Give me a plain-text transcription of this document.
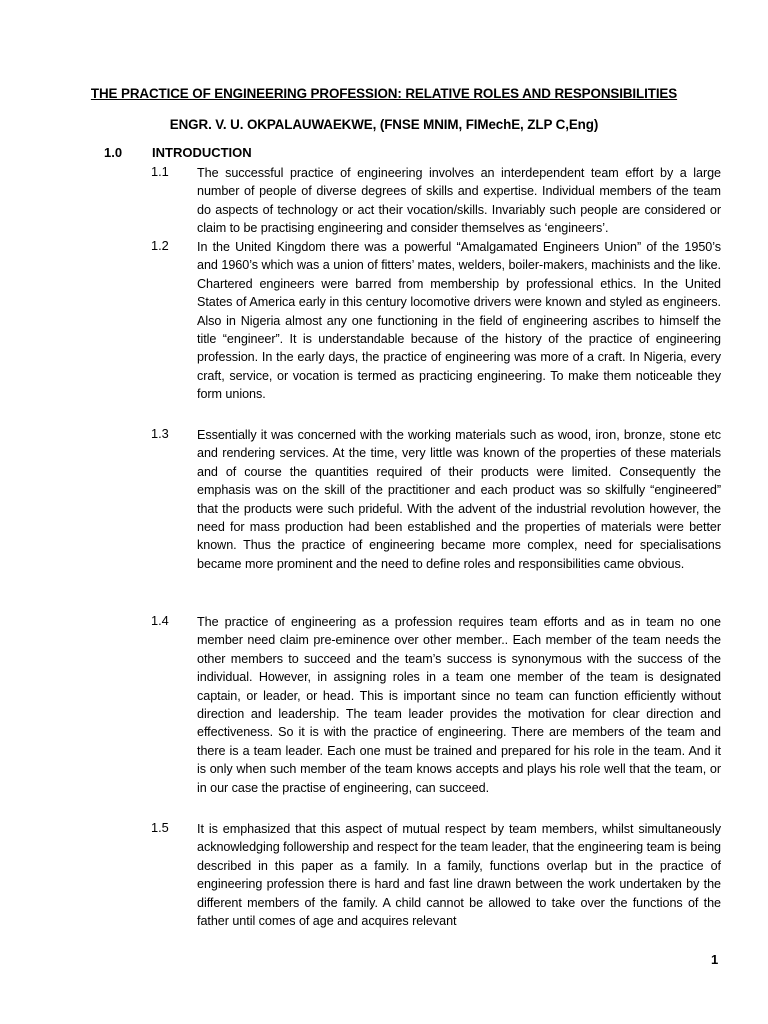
THE PRACTICE OF ENGINEERING PROFESSION: RELATIVE ROLES AND RESPONSIBILITIES
ENGR. V. U. OKPALAUWAEKWE, (FNSE MNIM, FIMechE, ZLP C,Eng)
1.0 INTRODUCTION
1.1 The successful practice of engineering involves an interdependent team effort by a large number of people of diverse degrees of skills and expertise. Individual members of the team do aspects of technology or act their vocation/skills. Invariably such people are considered or claim to be practising engineering and consider themselves as ‘engineers’.
1.2 In the United Kingdom there was a powerful “Amalgamated Engineers Union” of the 1950’s and 1960’s which was a union of fitters’ mates, welders, boiler-makers, machinists and the like. Chartered engineers were barred from membership by professional ethics. In the United States of America early in this century locomotive drivers were known and styled as engineers. Also in Nigeria almost any one functioning in the field of engineering ascribes to himself the title “engineer”. It is understandable because of the history of the practice of engineering profession. In the early days, the practice of engineering was more of a craft. In Nigeria, every craft, service, or vocation is termed as practicing engineering. To make them noticeable they form unions.
1.3 Essentially it was concerned with the working materials such as wood, iron, bronze, stone etc and rendering services. At the time, very little was known of the properties of these materials and of course the quantities required of their products were limited. Consequently the emphasis was on the skill of the practitioner and each product was so skilfully “engineered” that the products were such prideful. With the advent of the industrial revolution however, the need for mass production had been established and the properties of materials were better known. Thus the practice of engineering became more complex, need for specialisations became more prominent and the need to define roles and responsibilities came obvious.
1.4 The practice of engineering as a profession requires team efforts and as in team no one member need claim pre-eminence over other member.. Each member of the team needs the other members to succeed and the team’s success is synonymous with the success of the individual. However, in assigning roles in a team one member of the team is designated captain, or leader, or head. This is important since no team can function efficiently without direction and leadership. The team leader provides the motivation for clear direction and effectiveness. So it is with the practice of engineering. There are members of the team and there is a team leader. Each one must be trained and prepared for his role in the team. And it is only when such member of the team knows accepts and plays his role well that the team, or in our case the practise of engineering, can succeed.
1.5 It is emphasized that this aspect of mutual respect by team members, whilst simultaneously acknowledging followership and respect for the team leader, that the engineering team is being described in this paper as a family. In a family, functions overlap but in the practice of engineering profession there is hard and fast line drawn between the work undertaken by the different members of the family. A child cannot be allowed to take over the functions of the father until comes of age and acquires relevant
1
